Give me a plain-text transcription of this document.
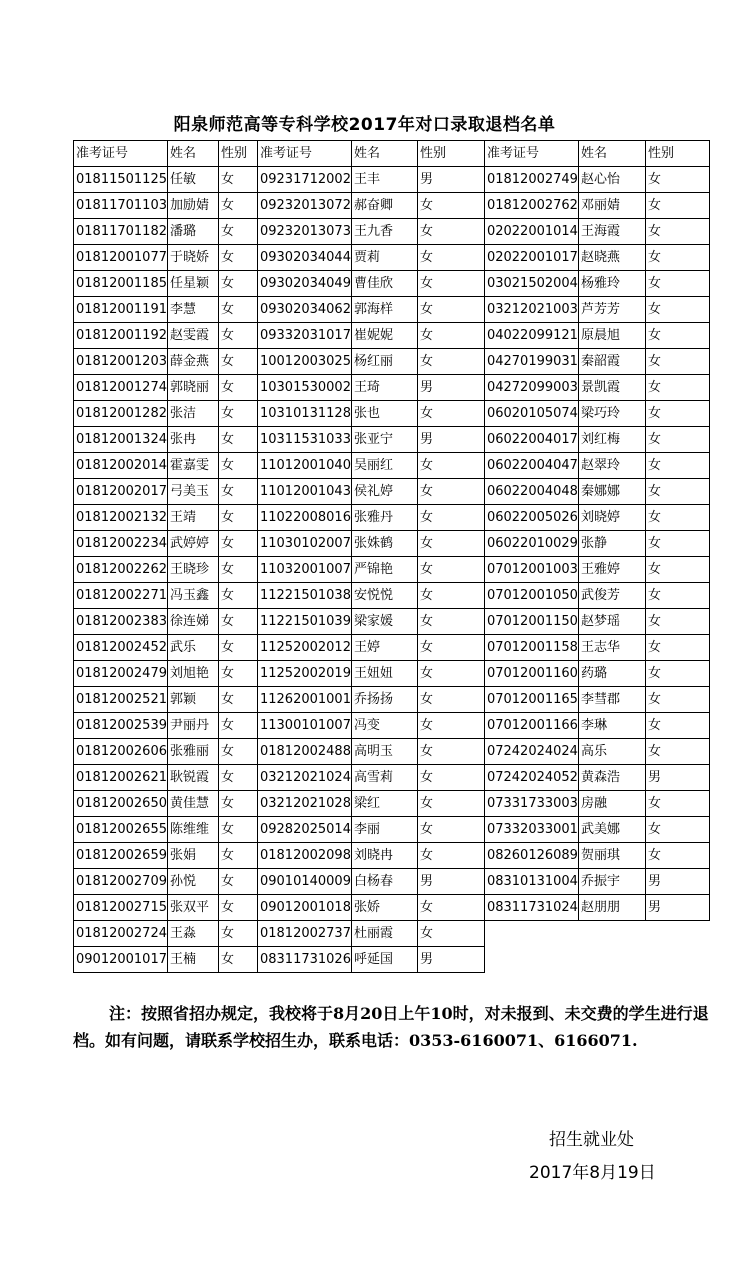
阳泉师范高等专科学校2017年对口录取退档名单
准考证号	姓名	性别	准考证号	姓名	性别	准考证号	姓名	性别
01811501125	任敏	女	09231712002	王丰	男	01812002749	赵心怡	女
01811701103	加励婧	女	09232013072	郝奋卿	女	01812002762	邓丽婧	女
01811701182	潘璐	女	09232013073	王九香	女	02022001014	王海霞	女
01812001077	于晓娇	女	09302034044	贾莉	女	02022001017	赵晓燕	女
01812001185	任星颖	女	09302034049	曹佳欣	女	03021502004	杨雅玲	女
01812001191	李慧	女	09302034062	郭海样	女	03212021003	芦芳芳	女
01812001192	赵雯霞	女	09332031017	崔妮妮	女	04022099121	原晨旭	女
01812001203	薛金燕	女	10012003025	杨红丽	女	04270199031	秦韶霞	女
01812001274	郭晓丽	女	10301530002	王琦	男	04272099003	景凯霞	女
01812001282	张洁	女	10310131128	张也	女	06020105074	梁巧玲	女
01812001324	张冉	女	10311531033	张亚宁	男	06022004017	刘红梅	女
01812002014	霍嘉雯	女	11012001040	吴丽红	女	06022004047	赵翠玲	女
01812002017	弓美玉	女	11012001043	侯礼婷	女	06022004048	秦娜娜	女
01812002132	王靖	女	11022008016	张雅丹	女	06022005026	刘晓婷	女
01812002234	武婷婷	女	11030102007	张姝鹤	女	06022010029	张静	女
01812002262	王晓珍	女	11032001007	严锦艳	女	07012001003	王雅婷	女
01812002271	冯玉鑫	女	11221501038	安悦悦	女	07012001050	武俊芳	女
01812002383	徐连娣	女	11221501039	梁家媛	女	07012001150	赵梦瑶	女
01812002452	武乐	女	11252002012	王婷	女	07012001158	王志华	女
01812002479	刘旭艳	女	11252002019	王妞妞	女	07012001160	药璐	女
01812002521	郭颖	女	11262001001	乔扬扬	女	07012001165	李彗郡	女
01812002539	尹丽丹	女	11300101007	冯变	女	07012001166	李琳	女
01812002606	张雅丽	女	01812002488	高明玉	女	07242024024	高乐	女
01812002621	耿锐霞	女	03212021024	高雪莉	女	07242024052	黄森浩	男
01812002650	黄佳慧	女	03212021028	梁红	女	07331733003	房融	女
01812002655	陈维维	女	09282025014	李丽	女	07332033001	武美娜	女
01812002659	张娟	女	01812002098	刘晓冉	女	08260126089	贺丽琪	女
01812002709	孙悦	女	09010140009	白杨春	男	08310131004	乔振宇	男
01812002715	张双平	女	09012001018	张娇	女	08311731024	赵朋朋	男
01812002724	王淼	女	01812002737	杜丽霞	女			
09012001017	王楠	女	08311731026	呼延国	男			
注：按照省招办规定，我校将于8月20日上午10时，对未报到、未交费的学生进行退档。如有问题，请联系学校招生办，联系电话：0353-6160071、6166071.
招生就业处
2017年8月19日
